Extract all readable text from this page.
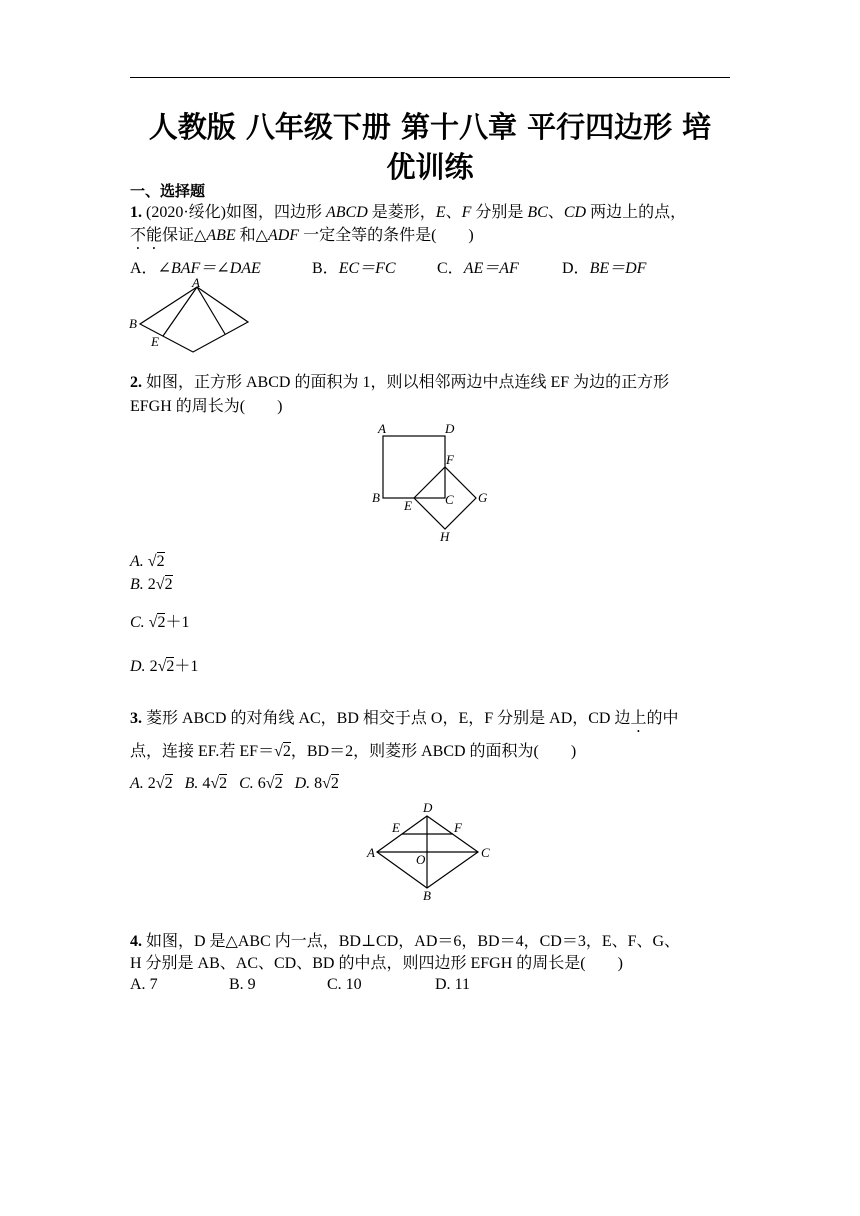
人教版 八年级下册 第十八章 平行四边形 培
优训练
一、选择题
1. (2020·绥化)如图，四边形 ABCD 是菱形，E、F 分别是 BC、CD 两边上的点，
不能保证△ABE 和△ADF 一定全等的条件是(　　)
A．∠BAF＝∠DAE	B．EC＝FC	C．AE＝AF	D．BE＝DF
A
B
E
2. 如图，正方形 ABCD 的面积为 1，则以相邻两边中点连线 EF 为边的正方形
EFGH 的周长为(　　)
A	D
F
B
E	C G
H
A. √2
B. 2√2
C. √2＋1
D. 2√2＋1
3. 菱形 ABCD 的对角线 AC，BD 相交于点 O，E，F 分别是 AD，CD 边上的中
点，连接 EF.若 EF＝√2，BD＝2，则菱形 ABCD 的面积为(　　)
A. 2√2 B. 4√2 C. 6√2 D. 8√2
D
E	F
A	O	C
B
4. 如图，D 是△ABC 内一点，BD⊥CD，AD＝6，BD＝4，CD＝3，E、F、G、
H 分别是 AB、AC、CD、BD 的中点，则四边形 EFGH 的周长是(　　)
A. 7	B. 9	C. 10	D. 11
